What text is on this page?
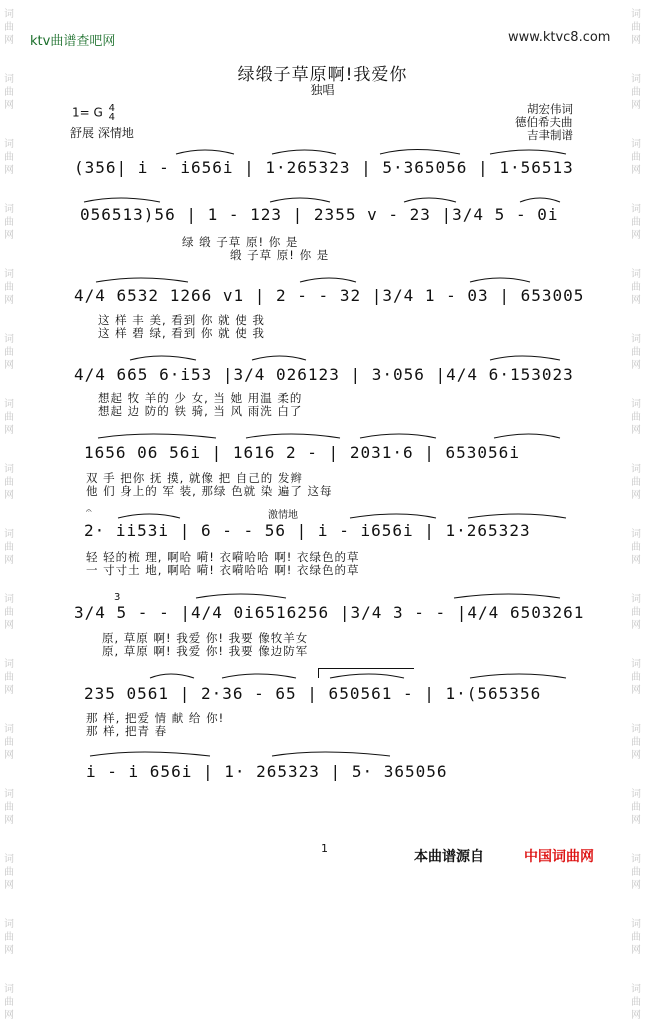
词曲网

词曲网

词曲网

词曲网

词曲网

词曲网

词曲网

词曲网

词曲网

词曲网

词曲网

词曲网

词曲网

词曲网

词曲网

词曲网
词曲网

词曲网

词曲网

词曲网

词曲网

词曲网

词曲网

词曲网

词曲网

词曲网

词曲网

词曲网

词曲网

词曲网

词曲网

词曲网
ktv曲谱查吧网	www.ktvc8.com
绿缎子草原啊!我爱你
独唱
1= G 4
4
舒展 深情地
胡宏伟词
德伯希夫曲
吉聿制谱
(356| i - i656i | 1·265323 | 5·365056 | 1·56513
056513)56 | 1 - 123 | 2355 v - 23 |3/4 5 - 0i
绿 缎 子草 原! 你 是
缎 子草 原! 你 是
4/4 6532 1266 v1 | 2 - - 32 |3/4 1 - 03 | 653005
这 样 丰 美, 看到 你 就 使 我
这 样 碧 绿, 看到 你 就 使 我
4/4 665 6·i53 |3/4 026123 | 3·056 |4/4 6·153023
想起 牧 羊的 少 女, 当 她 用温 柔的
想起 边 防的 铁 骑, 当 风 雨洗 白了
1656 06 56i | 1616 2 - | 2031·6 | 653056i
双 手 把你 抚 摸, 就像 把 自己的 发辫
他 们 身上的 军 装, 那绿 色就 染 遍了 这每
𝄐	激情地
2· ii53i | 6 - - 56 | i - i656i | 1·265323
轻 轻的梳 理, 啊哈 嗬! 衣嗬哈哈 啊! 衣绿色的草
一 寸寸土 地, 啊哈 嗬! 衣嗬哈哈 啊! 衣绿色的草
3
3/4 5 - - |4/4 0i6516256 |3/4 3 - - |4/4 6503261
原, 草原 啊! 我爱 你! 我要 像牧羊女
原, 草原 啊! 我爱 你! 我要 像边防军
235 0561 | 2·36 - 65 | 650561 - | 1·(565356
那 样, 把爱 情 献 给 你!
那 样, 把青 春
i - i 656i | 1· 265323 | 5· 365056
1
本曲谱源自	中国词曲网
